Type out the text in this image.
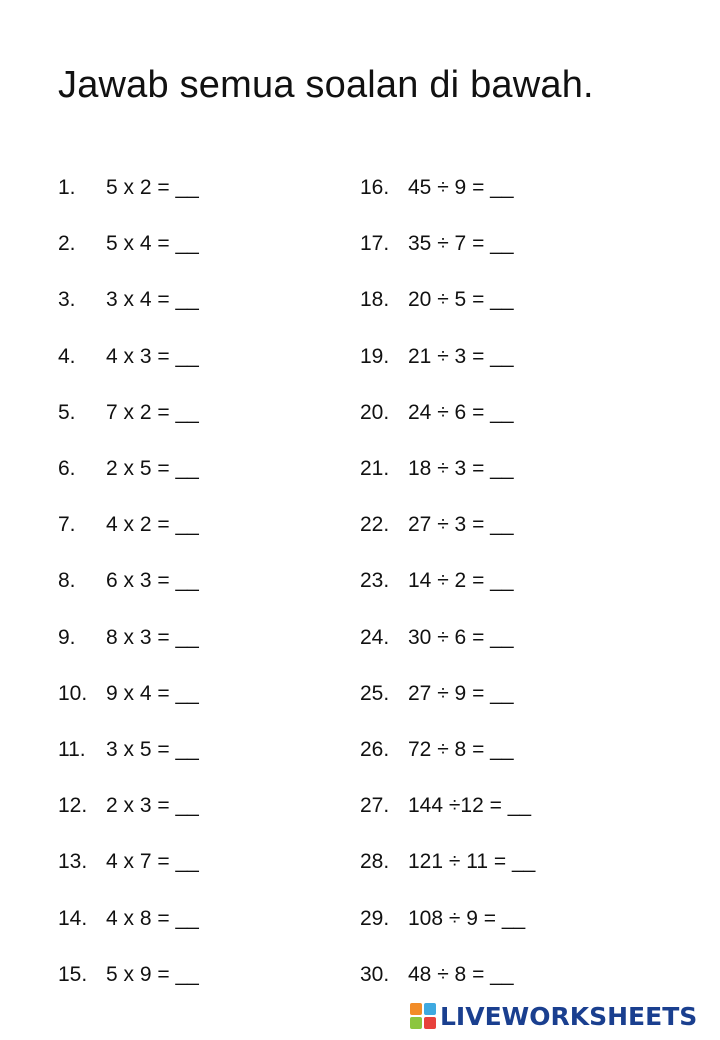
Jawab semua soalan di bawah.
1.	5 x 2 = __
2.	5 x 4 = __
3.	3 x 4 = __
4.	4 x 3 = __
5.	7 x 2 = __
6.	2 x 5 = __
7.	4 x 2 = __
8.	6 x 3 = __
9.	8 x 3 = __
10. 9 x 4 = __
11. 3 x 5 = __
12. 2 x 3 = __
13. 4 x 7 = __
14. 4 x 8 = __
15. 5 x 9 = __
16. 45 ÷ 9 = __
17. 35 ÷ 7 = __
18. 20 ÷ 5 = __
19. 21 ÷ 3 = __
20. 24 ÷ 6 = __
21. 18 ÷ 3 = __
22. 27 ÷ 3 = __
23. 14 ÷ 2 = __
24. 30 ÷ 6 = __
25. 27 ÷ 9 = __
26. 72 ÷ 8 = __
27. 144 ÷12 = __
28. 121 ÷ 11 = __
29. 108 ÷ 9 = __
30. 48 ÷ 8 = __
LIVEWORKSHEETS
